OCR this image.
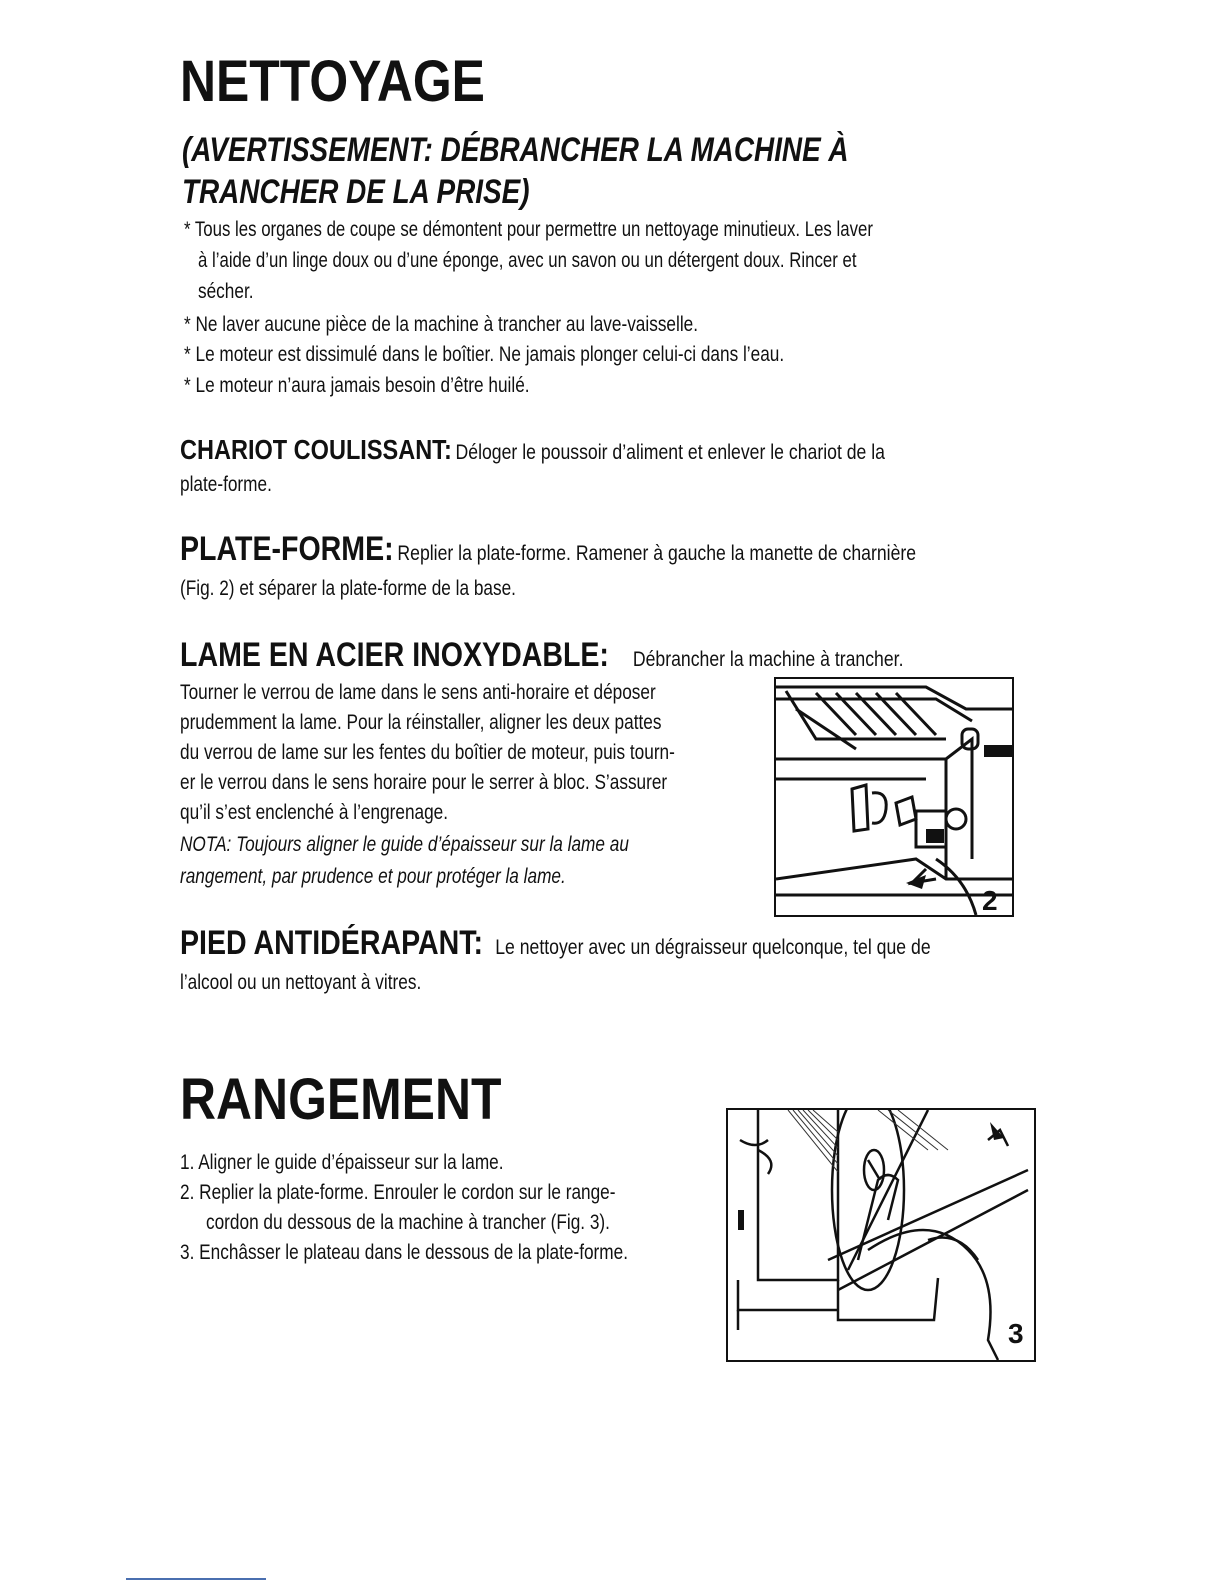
NETTOYAGE
(AVERTISSEMENT: DÉBRANCHER LA MACHINE À
TRANCHER DE LA PRISE)
* Tous les organes de coupe se démontent pour permettre un nettoyage minutieux. Les laver
à l’aide d’un linge doux ou d’une éponge, avec un savon ou un détergent doux. Rincer et
sécher.
* Ne laver aucune pièce de la machine à trancher au lave-vaisselle.
* Le moteur est dissimulé dans le boîtier. Ne jamais plonger celui-ci dans l’eau.
* Le moteur n’aura jamais besoin d’être huilé.
CHARIOT COULISSANT: Déloger le poussoir d’aliment et enlever le chariot de la
plate-forme.
PLATE-FORME: Replier la plate-forme. Ramener à gauche la manette de charnière
(Fig. 2) et séparer la plate-forme de la base.
LAME EN ACIER INOXYDABLE: Débrancher la machine à trancher.
Tourner le verrou de lame dans le sens anti-horaire et déposer
prudemment la lame. Pour la réinstaller, aligner les deux pattes
du verrou de lame sur les fentes du boîtier de moteur, puis tourn-
er le verrou dans le sens horaire pour le serrer à bloc. S’assurer
qu’il s’est enclenché à l’engrenage.
NOTA: Toujours aligner le guide d’épaisseur sur la lame au
rangement, par prudence et pour protéger la lame.
2
PIED ANTIDÉRAPANT: Le nettoyer avec un dégraisseur quelconque, tel que de
l’alcool ou un nettoyant à vitres.
RANGEMENT
1. Aligner le guide d’épaisseur sur la lame.
2. Replier la plate-forme. Enrouler le cordon sur le range-
cordon du dessous de la machine à trancher (Fig. 3).
3. Enchâsser le plateau dans le dessous de la plate-forme.
3
